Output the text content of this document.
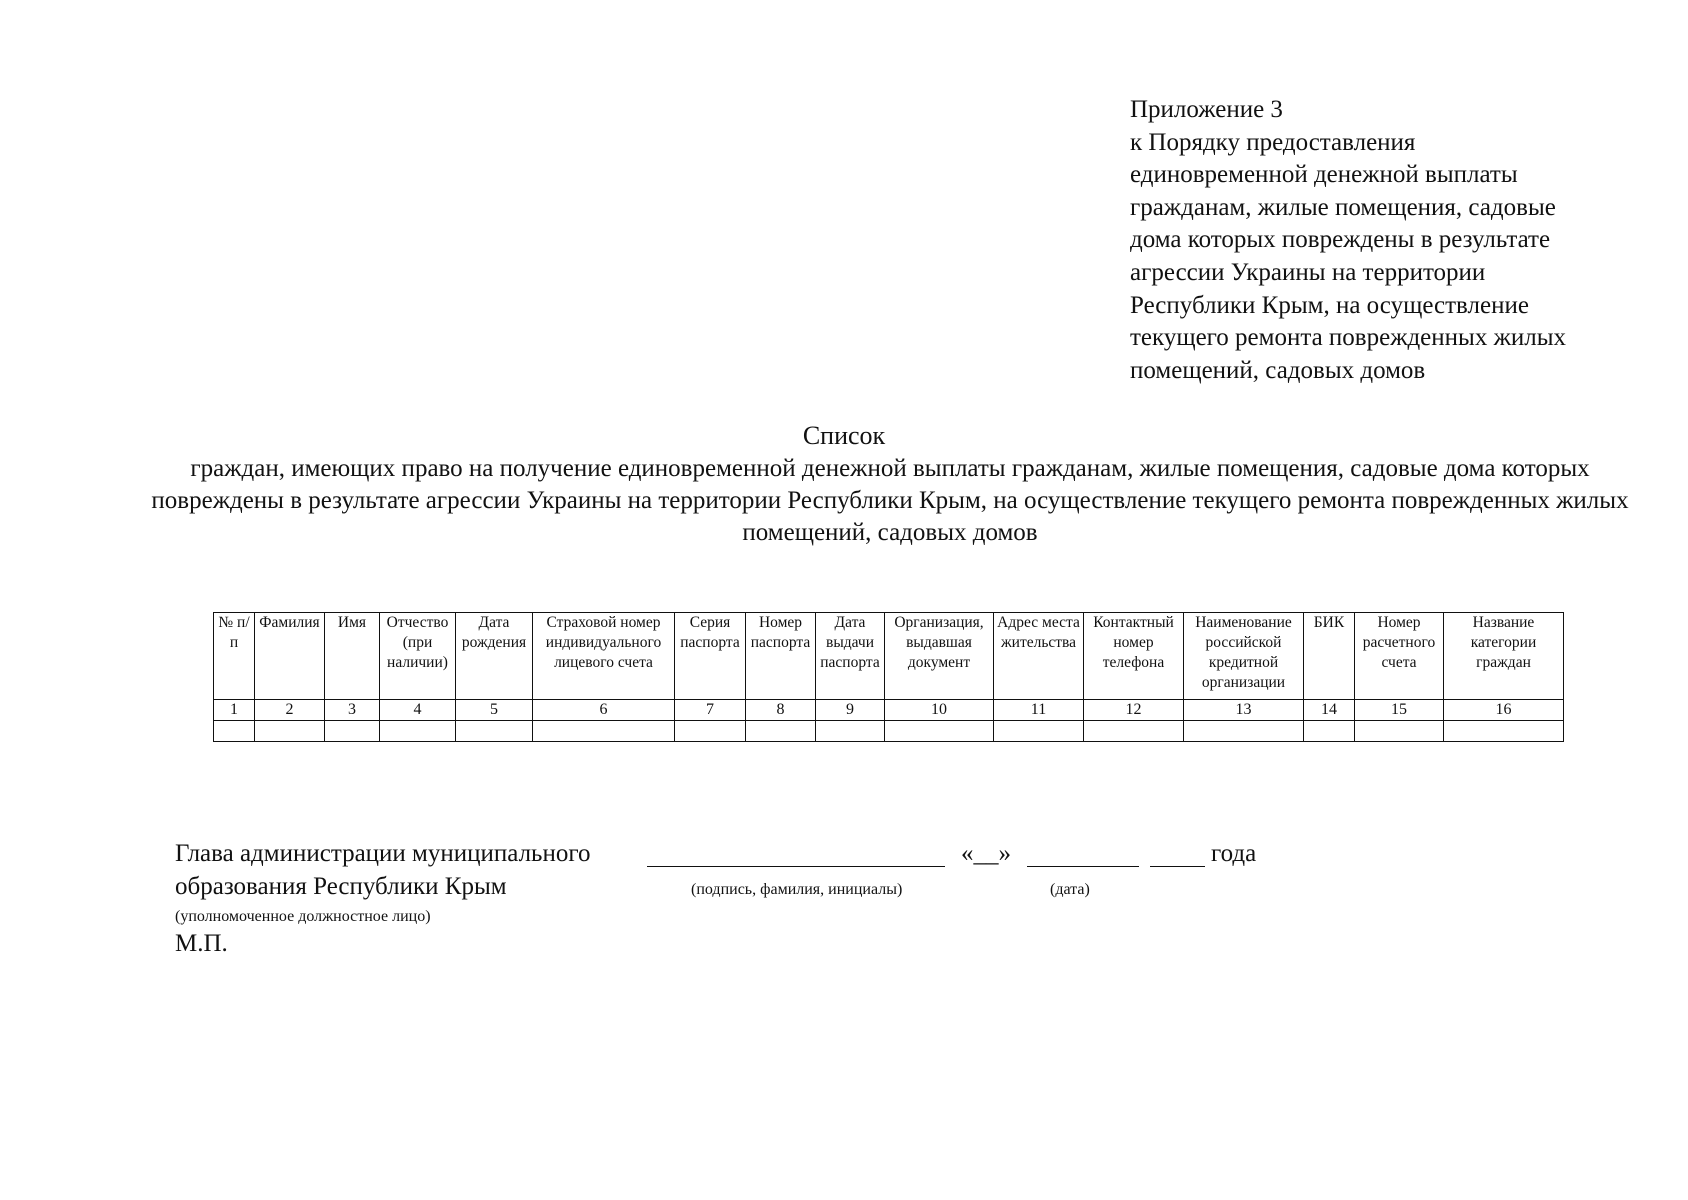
Приложение 3
к Порядку предоставления
единовременной денежной выплаты
гражданам, жилые помещения, садовые
дома которых повреждены в результате
агрессии Украины на территории
Республики Крым, на осуществление
текущего ремонта поврежденных жилых
помещений, садовых домов
Список
граждан, имеющих право на получение единовременной денежной выплаты гражданам, жилые помещения, садовые дома которых повреждены в результате агрессии Украины на территории Республики Крым, на осуществление текущего ремонта поврежденных жилых помещений, садовых домов
№ п/п	Фамилия	Имя	Отчество (при наличии)	Дата рождения	Страховой номер индивидуального лицевого счета	Серия паспорта	Номер паспорта	Дата выдачи паспорта	Организация, выдавшая документ	Адрес места жительства	Контактный номер телефона	Наименование российской кредитной организации	БИК	Номер расчетного счета	Название категории граждан
1	2	3	4	5	6	7	8	9	10	11	12	13	14	15	16

Глава администрации муниципального	«__»	года
образования Республики Крым	(подпись, фамилия, инициалы)	(дата)
(уполномоченное должностное лицо)
М.П.
